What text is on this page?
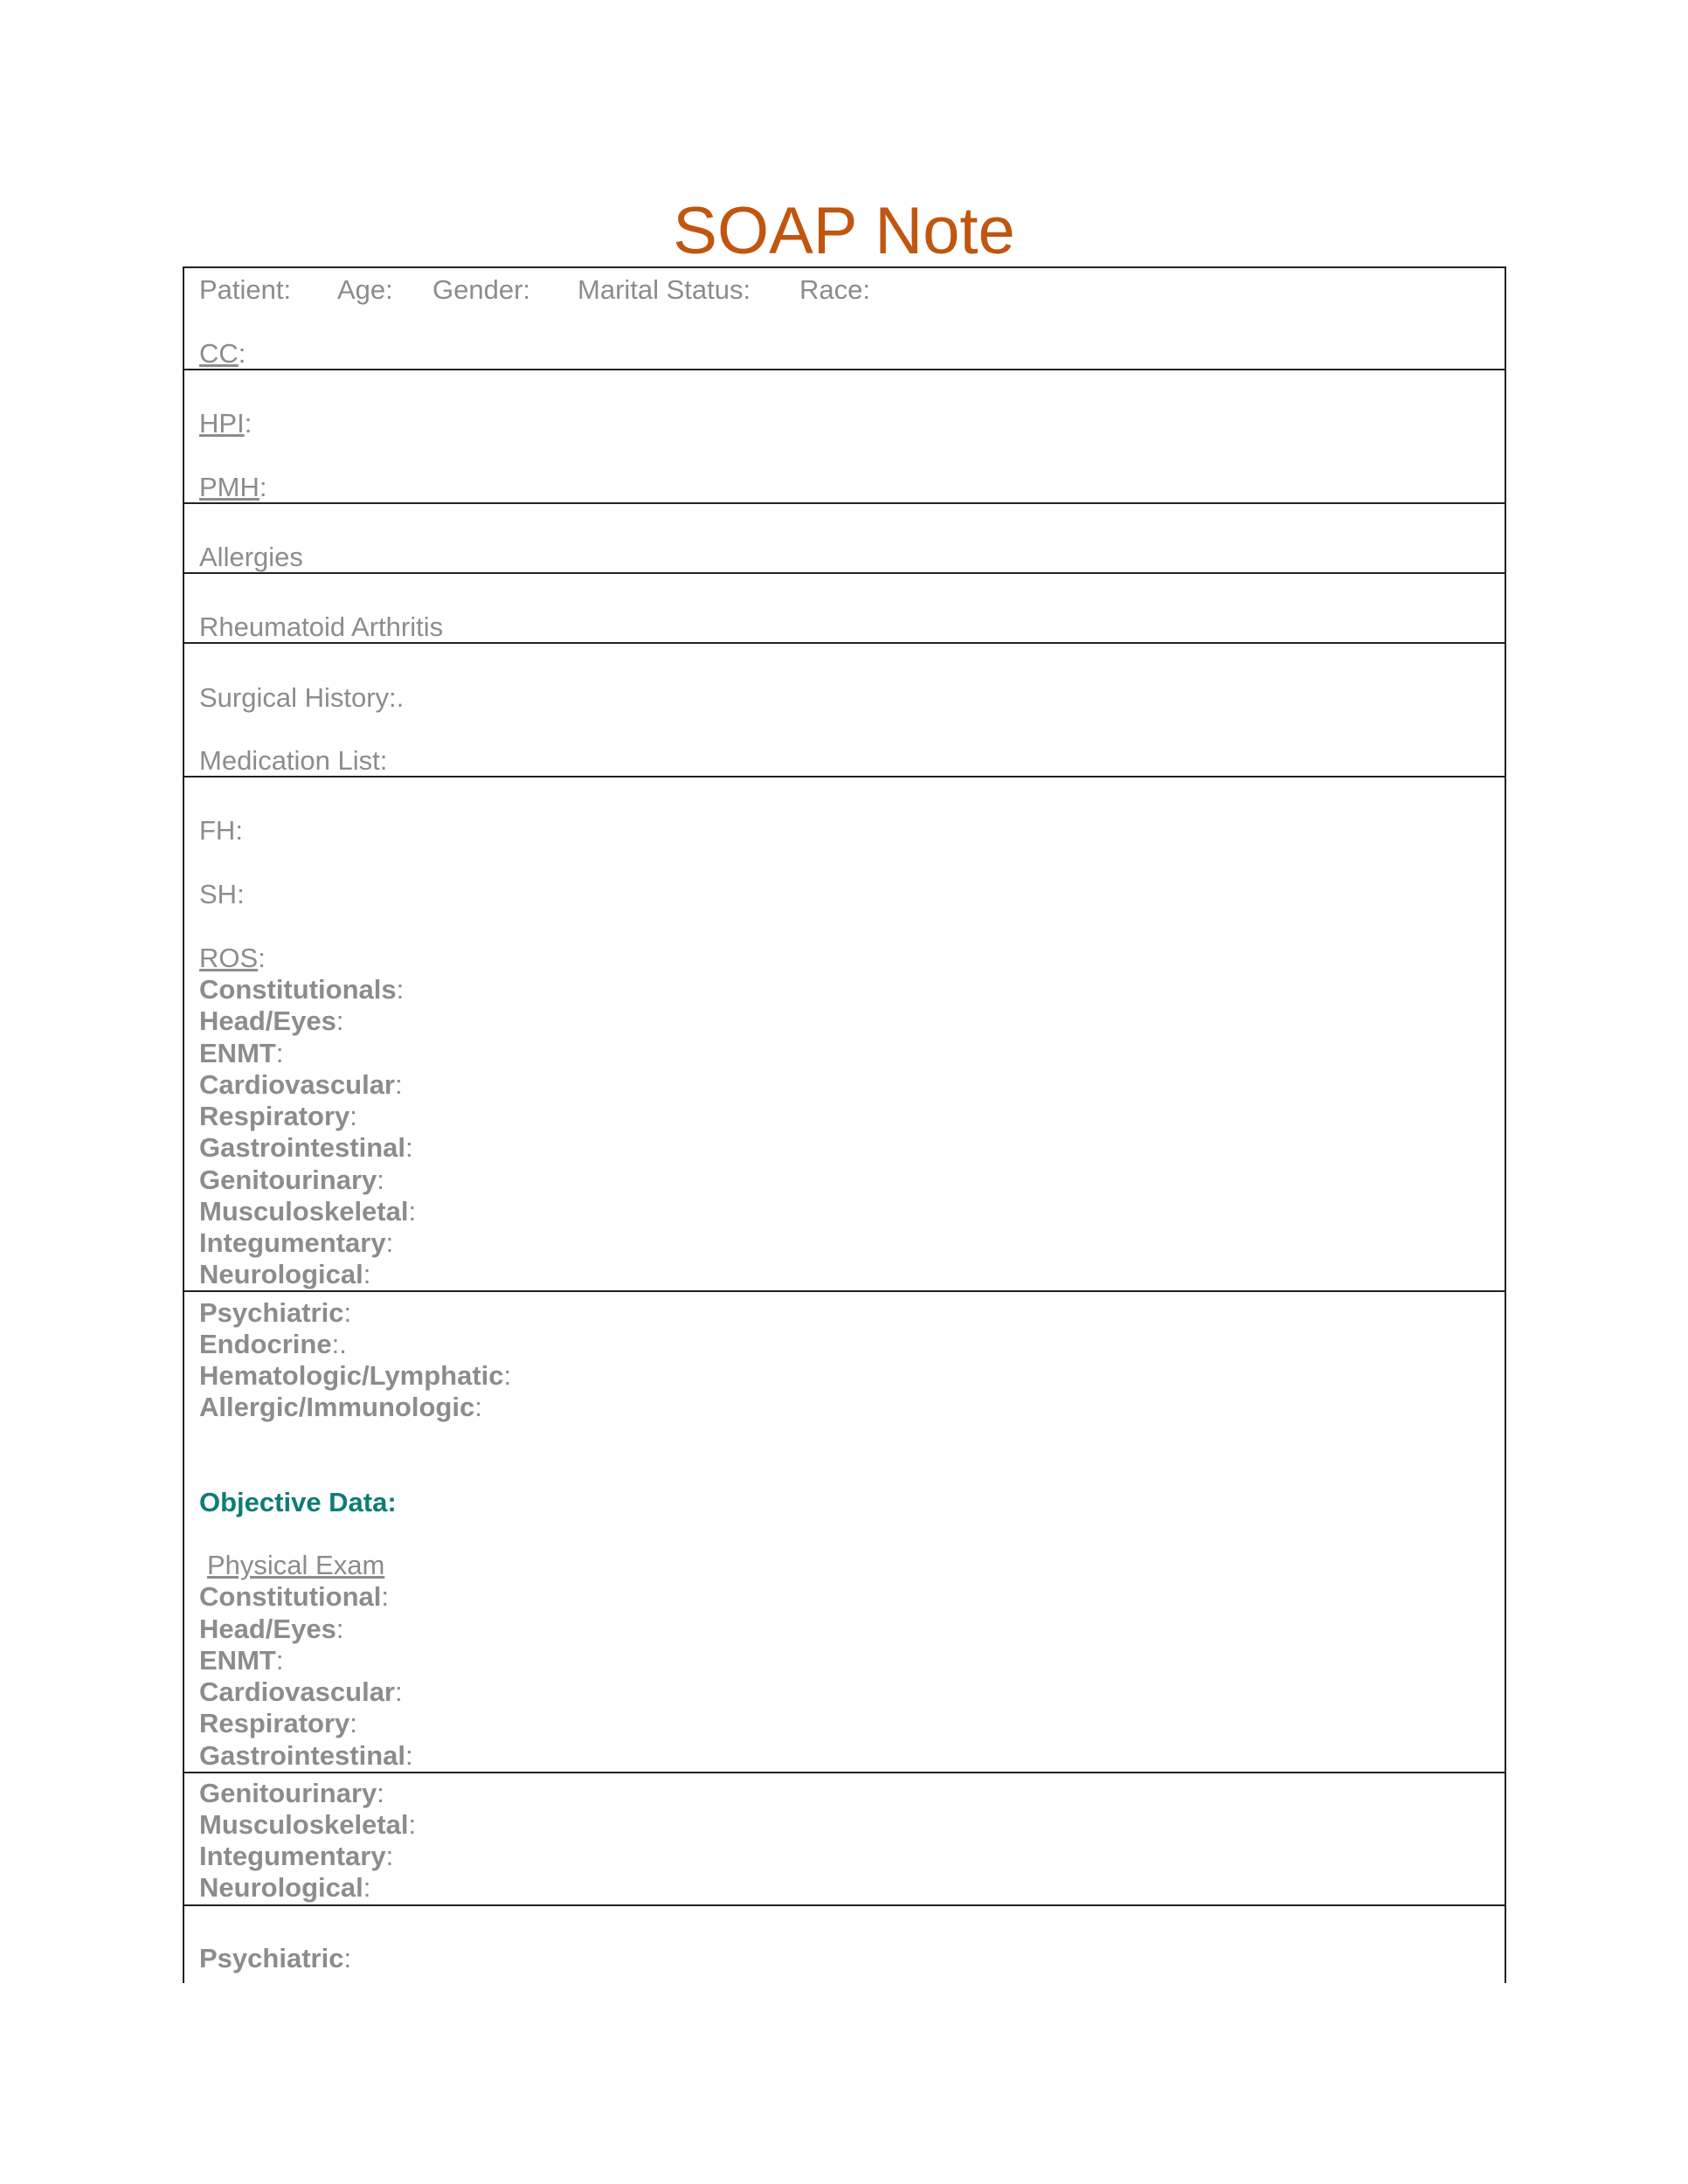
SOAP Note
Patient: Age: Gender: Marital Status: Race:
CC:
HPI:
PMH:
Allergies
Rheumatoid Arthritis
Surgical History:.
Medication List:
FH:
SH:
ROS:
Constitutionals:
Head/Eyes:
ENMT:
Cardiovascular:
Respiratory:
Gastrointestinal:
Genitourinary:
Musculoskeletal:
Integumentary:
Neurological:
Psychiatric:
Endocrine:.
Hematologic/Lymphatic:
Allergic/Immunologic:
Objective Data:
Physical Exam
Constitutional:
Head/Eyes:
ENMT:
Cardiovascular:
Respiratory:
Gastrointestinal:
Genitourinary:
Musculoskeletal:
Integumentary:
Neurological:
Psychiatric:
